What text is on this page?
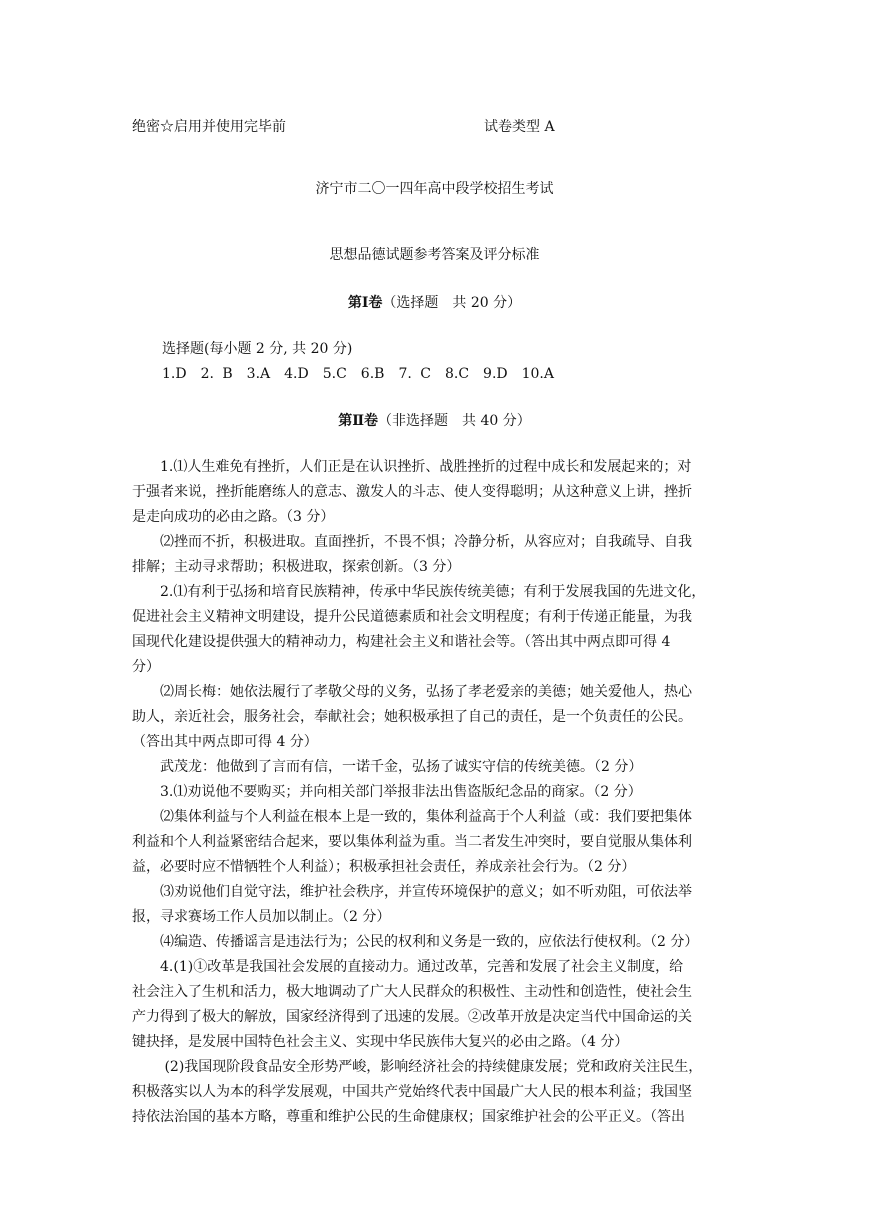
绝密☆启用并使用完毕前	试卷类型 A
济宁市二〇一四年高中段学校招生考试
思想品德试题参考答案及评分标准
第Ⅰ卷（选择题　共 20 分）
选择题(每小题 2 分, 共 20 分)
1.D　2. B　3.A　4.D　5.C　6.B　7. C　8.C　9.D　10.A
第Ⅱ卷（非选择题　共 40 分）
　　1.⑴人生难免有挫折，人们正是在认识挫折、战胜挫折的过程中成长和发展起来的；对
于强者来说，挫折能磨练人的意志、激发人的斗志、使人变得聪明；从这种意义上讲，挫折
是走向成功的必由之路。（3 分）
　　⑵挫而不折，积极进取。直面挫折，不畏不惧；冷静分析，从容应对；自我疏导、自我
排解；主动寻求帮助；积极进取，探索创新。（3 分）
　　2.⑴有利于弘扬和培育民族精神，传承中华民族传统美德；有利于发展我国的先进文化，
促进社会主义精神文明建设，提升公民道德素质和社会文明程度；有利于传递正能量，为我
国现代化建设提供强大的精神动力，构建社会主义和谐社会等。（答出其中两点即可得 4
分）
　　⑵周长梅：她依法履行了孝敬父母的义务，弘扬了孝老爱亲的美德；她关爱他人，热心
助人，亲近社会，服务社会，奉献社会；她积极承担了自己的责任，是一个负责任的公民。
（答出其中两点即可得 4 分）
　　武茂龙：他做到了言而有信，一诺千金，弘扬了诚实守信的传统美德。（2 分）
　　3.⑴劝说他不要购买；并向相关部门举报非法出售盗版纪念品的商家。（2 分）
　　⑵集体利益与个人利益在根本上是一致的，集体利益高于个人利益（或：我们要把集体
利益和个人利益紧密结合起来，要以集体利益为重。当二者发生冲突时，要自觉服从集体利
益，必要时应不惜牺牲个人利益）；积极承担社会责任，养成亲社会行为。（2 分）
　　⑶劝说他们自觉守法，维护社会秩序，并宣传环境保护的意义；如不听劝阻，可依法举
报，寻求赛场工作人员加以制止。（2 分）
　　⑷编造、传播谣言是违法行为；公民的权利和义务是一致的，应依法行使权利。（2 分）
　　4.(1)①改革是我国社会发展的直接动力。通过改革，完善和发展了社会主义制度，给
社会注入了生机和活力，极大地调动了广大人民群众的积极性、主动性和创造性，使社会生
产力得到了极大的解放，国家经济得到了迅速的发展。②改革开放是决定当代中国命运的关
键抉择，是发展中国特色社会主义、实现中华民族伟大复兴的必由之路。（4 分）
　　 (2)我国现阶段食品安全形势严峻，影响经济社会的持续健康发展；党和政府关注民生，
积极落实以人为本的科学发展观，中国共产党始终代表中国最广大人民的根本利益；我国坚
持依法治国的基本方略，尊重和维护公民的生命健康权；国家维护社会的公平正义。（答出
